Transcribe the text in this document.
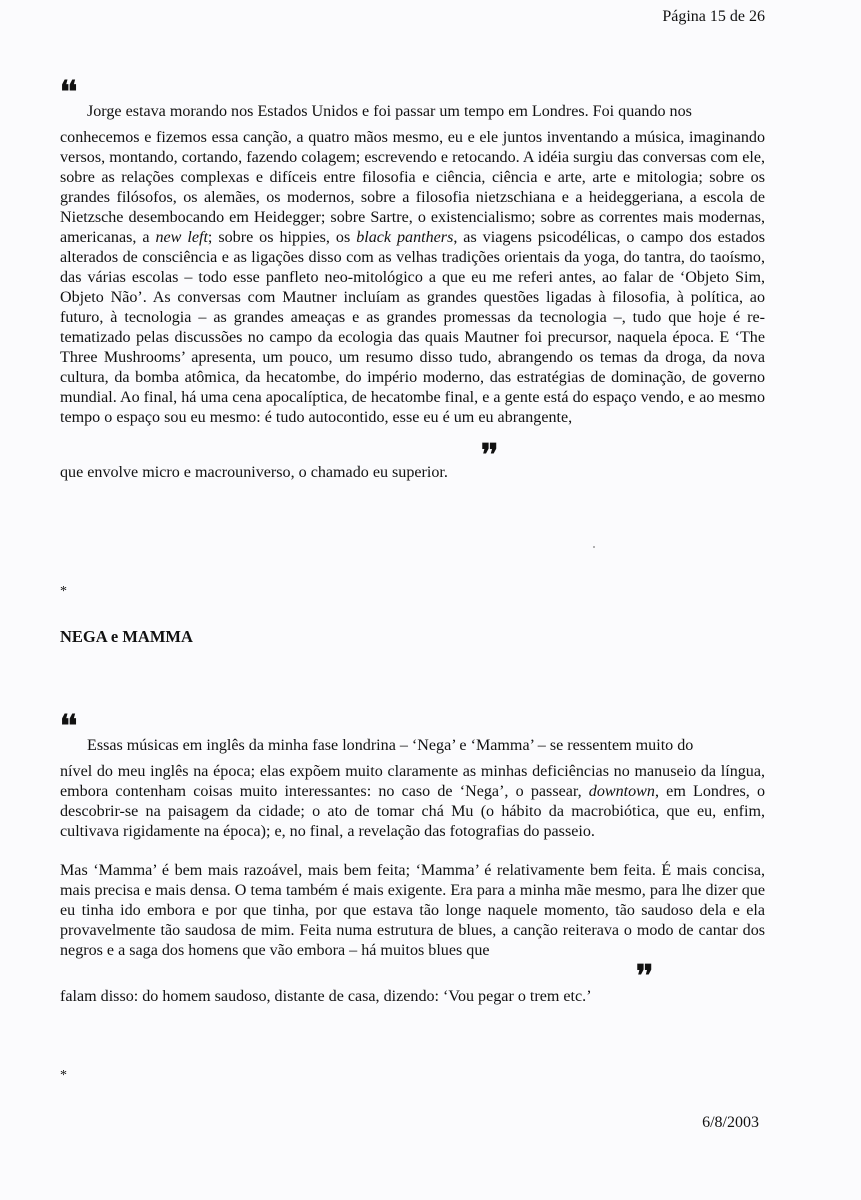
Página 15 de 26
❛❛
Jorge estava morando nos Estados Unidos e foi passar um tempo em Londres. Foi quando nos
conhecemos e fizemos essa canção, a quatro mãos mesmo, eu e ele juntos inventando a música, imaginando versos, montando, cortando, fazendo colagem; escrevendo e retocando. A idéia surgiu das conversas com ele, sobre as relações complexas e difíceis entre filosofia e ciência, ciência e arte, arte e mitologia; sobre os grandes filósofos, os alemães, os modernos, sobre a filosofia nietzschiana e a heideggeriana, a escola de Nietzsche desembocando em Heidegger; sobre Sartre, o existencialismo; sobre as correntes mais modernas, americanas, a new left; sobre os hippies, os black panthers, as viagens psicodélicas, o campo dos estados alterados de consciência e as ligações disso com as velhas tradições orientais da yoga, do tantra, do taoísmo, das várias escolas – todo esse panfleto neo-mitológico a que eu me referi antes, ao falar de ‘Objeto Sim, Objeto Não’. As conversas com Mautner incluíam as grandes questões ligadas à filosofia, à política, ao futuro, à tecnologia – as grandes ameaças e as grandes promessas da tecnologia –, tudo que hoje é re-tematizado pelas discussões no campo da ecologia das quais Mautner foi precursor, naquela época. E ‘The Three Mushrooms’ apresenta, um pouco, um resumo disso tudo, abrangendo os temas da droga, da nova cultura, da bomba atômica, da hecatombe, do império moderno, das estratégias de dominação, de governo mundial. Ao final, há uma cena apocalíptica, de hecatombe final, e a gente está do espaço vendo, e ao mesmo tempo o espaço sou eu mesmo: é tudo autocontido, esse eu é um eu abrangente,
❜❜

que envolve micro e macrouniverso, o chamado eu superior.

*
NEGA e MAMMA
❛❛
Essas músicas em inglês da minha fase londrina – ‘Nega’ e ‘Mamma’ – se ressentem muito do
nível do meu inglês na época; elas expõem muito claramente as minhas deficiências no manuseio da língua, embora contenham coisas muito interessantes: no caso de ‘Nega’, o passear, downtown, em Londres, o descobrir-se na paisagem da cidade; o ato de tomar chá Mu (o hábito da macrobiótica, que eu, enfim, cultivava rigidamente na época); e, no final, a revelação das fotografias do passeio.
Mas ‘Mamma’ é bem mais razoável, mais bem feita; ‘Mamma’ é relativamente bem feita. É mais concisa, mais precisa e mais densa. O tema também é mais exigente. Era para a minha mãe mesmo, para lhe dizer que eu tinha ido embora e por que tinha, por que estava tão longe naquele momento, tão saudoso dela e ela provavelmente tão saudosa de mim. Feita numa estrutura de blues, a canção reiterava o modo de cantar dos negros e a saga dos homens que vão embora – há muitos blues que
❜❜

falam disso: do homem saudoso, distante de casa, dizendo: ‘Vou pegar o trem etc.’

*
6/8/2003
